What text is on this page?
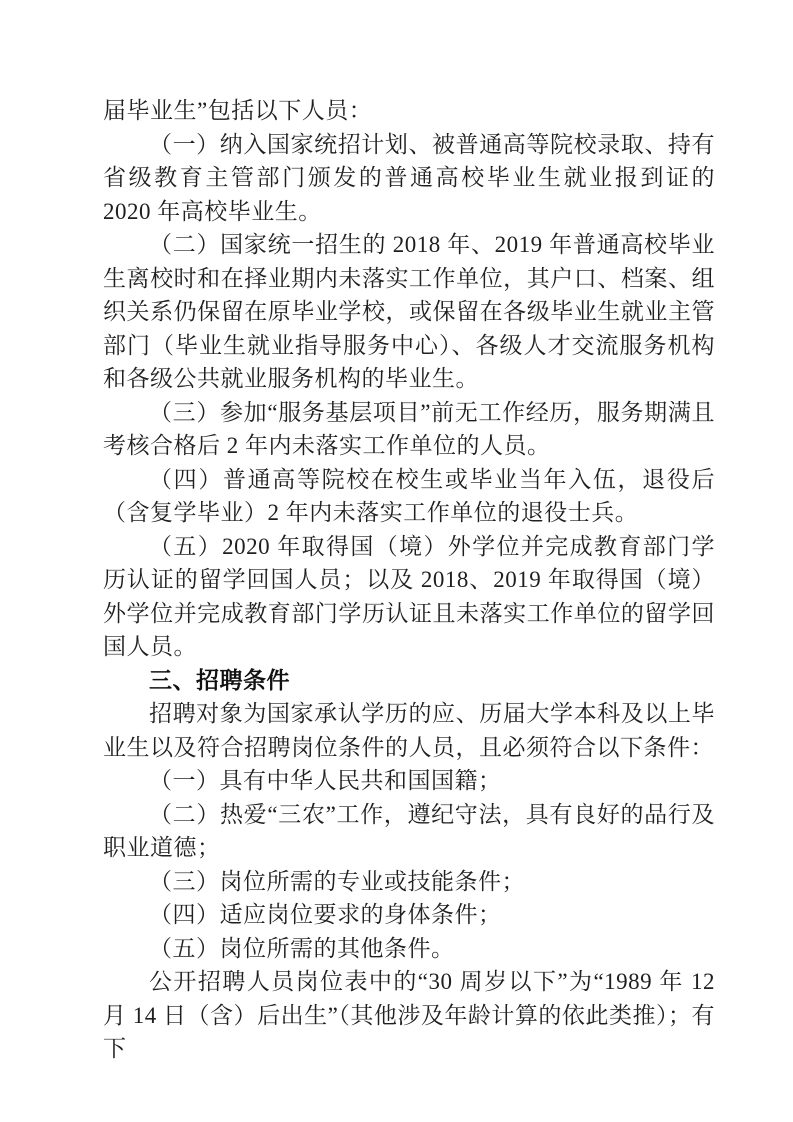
届毕业生”包括以下人员：

（一）纳入国家统招计划、被普通高等院校录取、持有省级教育主管部门颁发的普通高校毕业生就业报到证的 2020 年高校毕业生。

（二）国家统一招生的 2018 年、2019 年普通高校毕业生离校时和在择业期内未落实工作单位，其户口、档案、组织关系仍保留在原毕业学校，或保留在各级毕业生就业主管部门（毕业生就业指导服务中心）、各级人才交流服务机构和各级公共就业服务机构的毕业生。

（三）参加“服务基层项目”前无工作经历，服务期满且考核合格后 2 年内未落实工作单位的人员。

（四）普通高等院校在校生或毕业当年入伍，退役后（含复学毕业）2 年内未落实工作单位的退役士兵。

（五）2020 年取得国（境）外学位并完成教育部门学历认证的留学回国人员；以及 2018、2019 年取得国（境）外学位并完成教育部门学历认证且未落实工作单位的留学回国人员。

三、招聘条件

招聘对象为国家承认学历的应、历届大学本科及以上毕业生以及符合招聘岗位条件的人员，且必须符合以下条件：

（一）具有中华人民共和国国籍；

（二）热爱“三农”工作，遵纪守法，具有良好的品行及职业道德；

（三）岗位所需的专业或技能条件；

（四）适应岗位要求的身体条件；

（五）岗位所需的其他条件。

公开招聘人员岗位表中的“30 周岁以下”为“1989 年 12 月 14 日（含）后出生”（其他涉及年龄计算的依此类推）；有下
